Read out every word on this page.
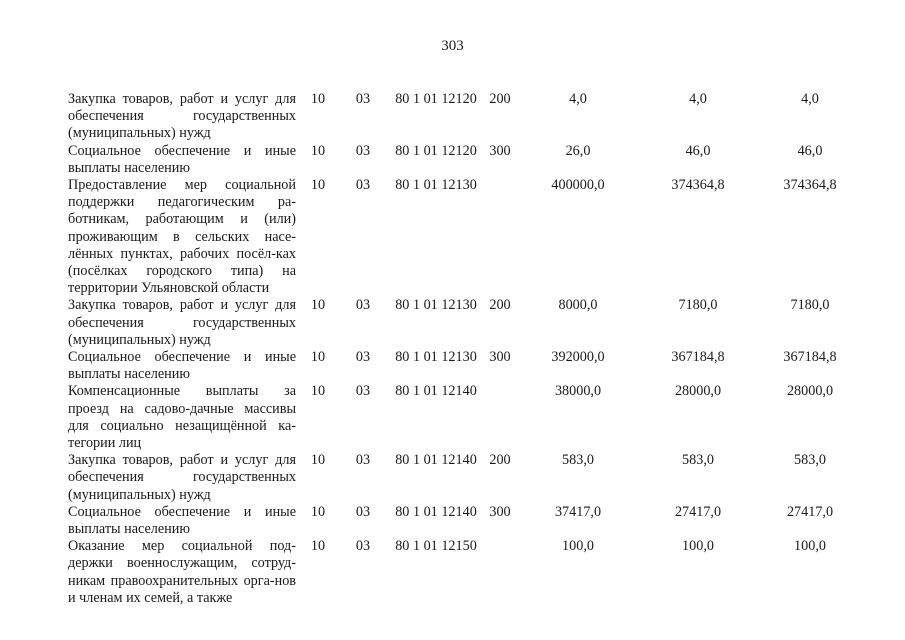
303
Закупка товаров, работ и услуг для обеспечения государственных (муниципальных) нужд	10	03	80 1 01 12120	200	4,0	4,0	4,0
Социальное обеспечение и иные выплаты населению	10	03	80 1 01 12120	300	26,0	46,0	46,0
Предоставление мер социальной поддержки педагогическим ра-ботникам, работающим и (или) проживающим в сельских насе-лённых пунктах, рабочих посёл-ках (посёлках городского типа) на территории Ульяновской области	10	03	80 1 01 12130		400000,0	374364,8	374364,8
Закупка товаров, работ и услуг для обеспечения государственных (муниципальных) нужд	10	03	80 1 01 12130	200	8000,0	7180,0	7180,0
Социальное обеспечение и иные выплаты населению	10	03	80 1 01 12130	300	392000,0	367184,8	367184,8
Компенсационные выплаты за проезд на садово-дачные массивы для социально незащищённой ка-тегории лиц	10	03	80 1 01 12140		38000,0	28000,0	28000,0
Закупка товаров, работ и услуг для обеспечения государственных (муниципальных) нужд	10	03	80 1 01 12140	200	583,0	583,0	583,0
Социальное обеспечение и иные выплаты населению	10	03	80 1 01 12140	300	37417,0	27417,0	27417,0
Оказание мер социальной под-держки военнослужащим, сотруд-никам правоохранительных орга-нов и членам их семей, а также	10	03	80 1 01 12150		100,0	100,0	100,0
